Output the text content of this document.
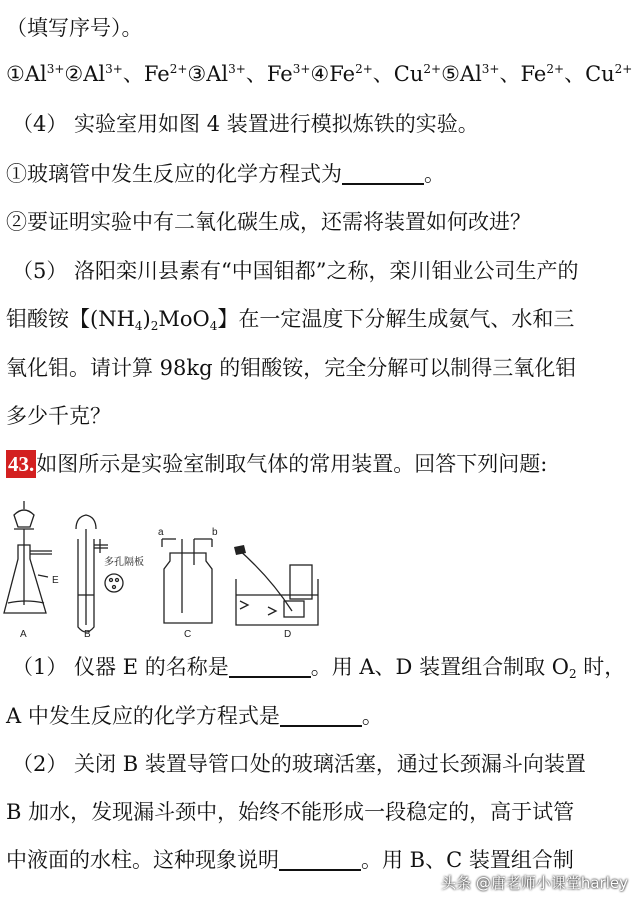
（填写序号）。
$①Al^{3+}②Al^{3+}$、$Fe^{2+}③Al^{3+}$、$Fe^{3+}④Fe^{2+}$、$Cu^{2+}⑤Al^{3+}$、$Fe^{2+}$、$Cu^{2+}$
（4） 实验室用如图 4 装置进行模拟炼铁的实验。
①玻璃管中发生反应的化学方程式为	。
②要证明实验中有二氧化碳生成，还需将装置如何改进？
（5） 洛阳栾川县素有“中国钼都”之称，栾川钼业公司生产的
钼酸铵【$(NH_4)_2MoO_4$】在一定温度下分解生成氨气、水和三
氧化钼。请计算 98kg 的钼酸铵，完全分解可以制得三氧化钼
多少千克？
43.如图所示是实验室制取气体的常用装置。回答下列问题:
A	B	C	D
E
a	b
多孔隔板
（1） 仪器 E 的名称是	。用 A、D 装置组合制取 $O_2$ 时，
A 中发生反应的化学方程式是	。
（2） 关闭 B 装置导管口处的玻璃活塞，通过长颈漏斗向装置
B 加水，发现漏斗颈中，始终不能形成一段稳定的，高于试管
中液面的水柱。这种现象说明	。用 B、C 装置组合制
头条 @唐老师小课堂harley
